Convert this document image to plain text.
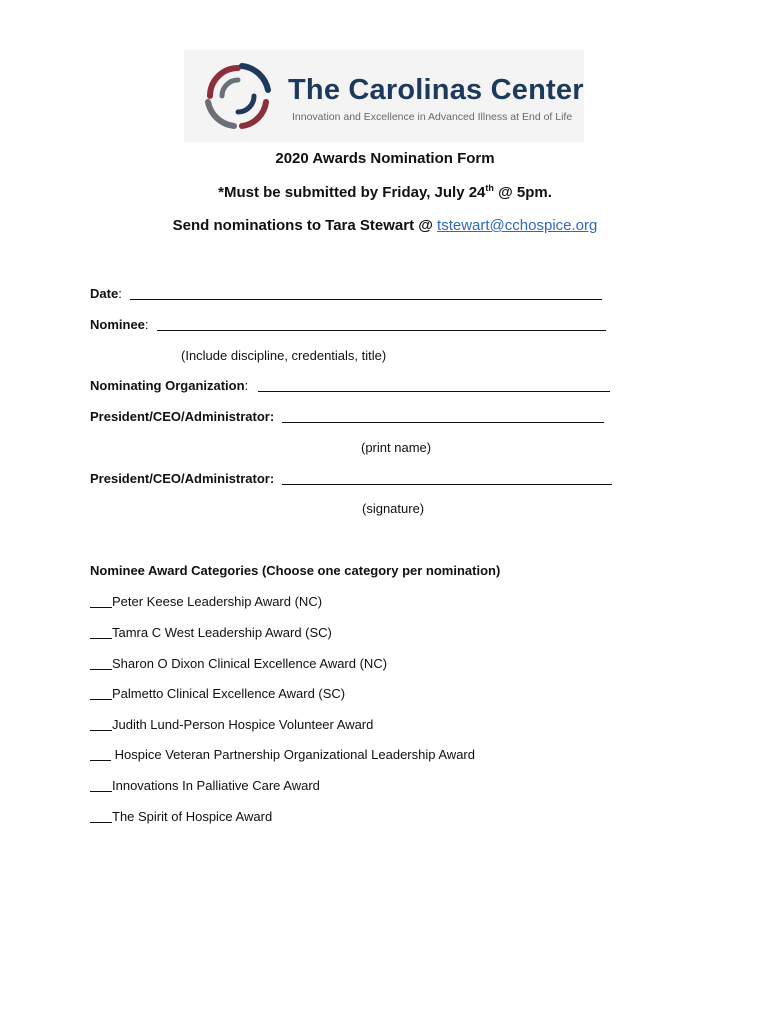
The Carolinas Center
Innovation and Excellence in Advanced Illness at End of Life
2020 Awards Nomination Form
*Must be submitted by Friday, July 24th @ 5pm.
Send nominations to Tara Stewart @ tstewart@cchospice.org
Date:
Nominee:
(Include discipline, credentials, title)
Nominating Organization:
President/CEO/Administrator:
(print name)
President/CEO/Administrator:
(signature)
Nominee Award Categories (Choose one category per nomination)
Peter Keese Leadership Award (NC)
Tamra C West Leadership Award (SC)
Sharon O Dixon Clinical Excellence Award (NC)
Palmetto Clinical Excellence Award (SC)
Judith Lund-Person Hospice Volunteer Award
Hospice Veteran Partnership Organizational Leadership Award
Innovations In Palliative Care Award
The Spirit of Hospice Award
